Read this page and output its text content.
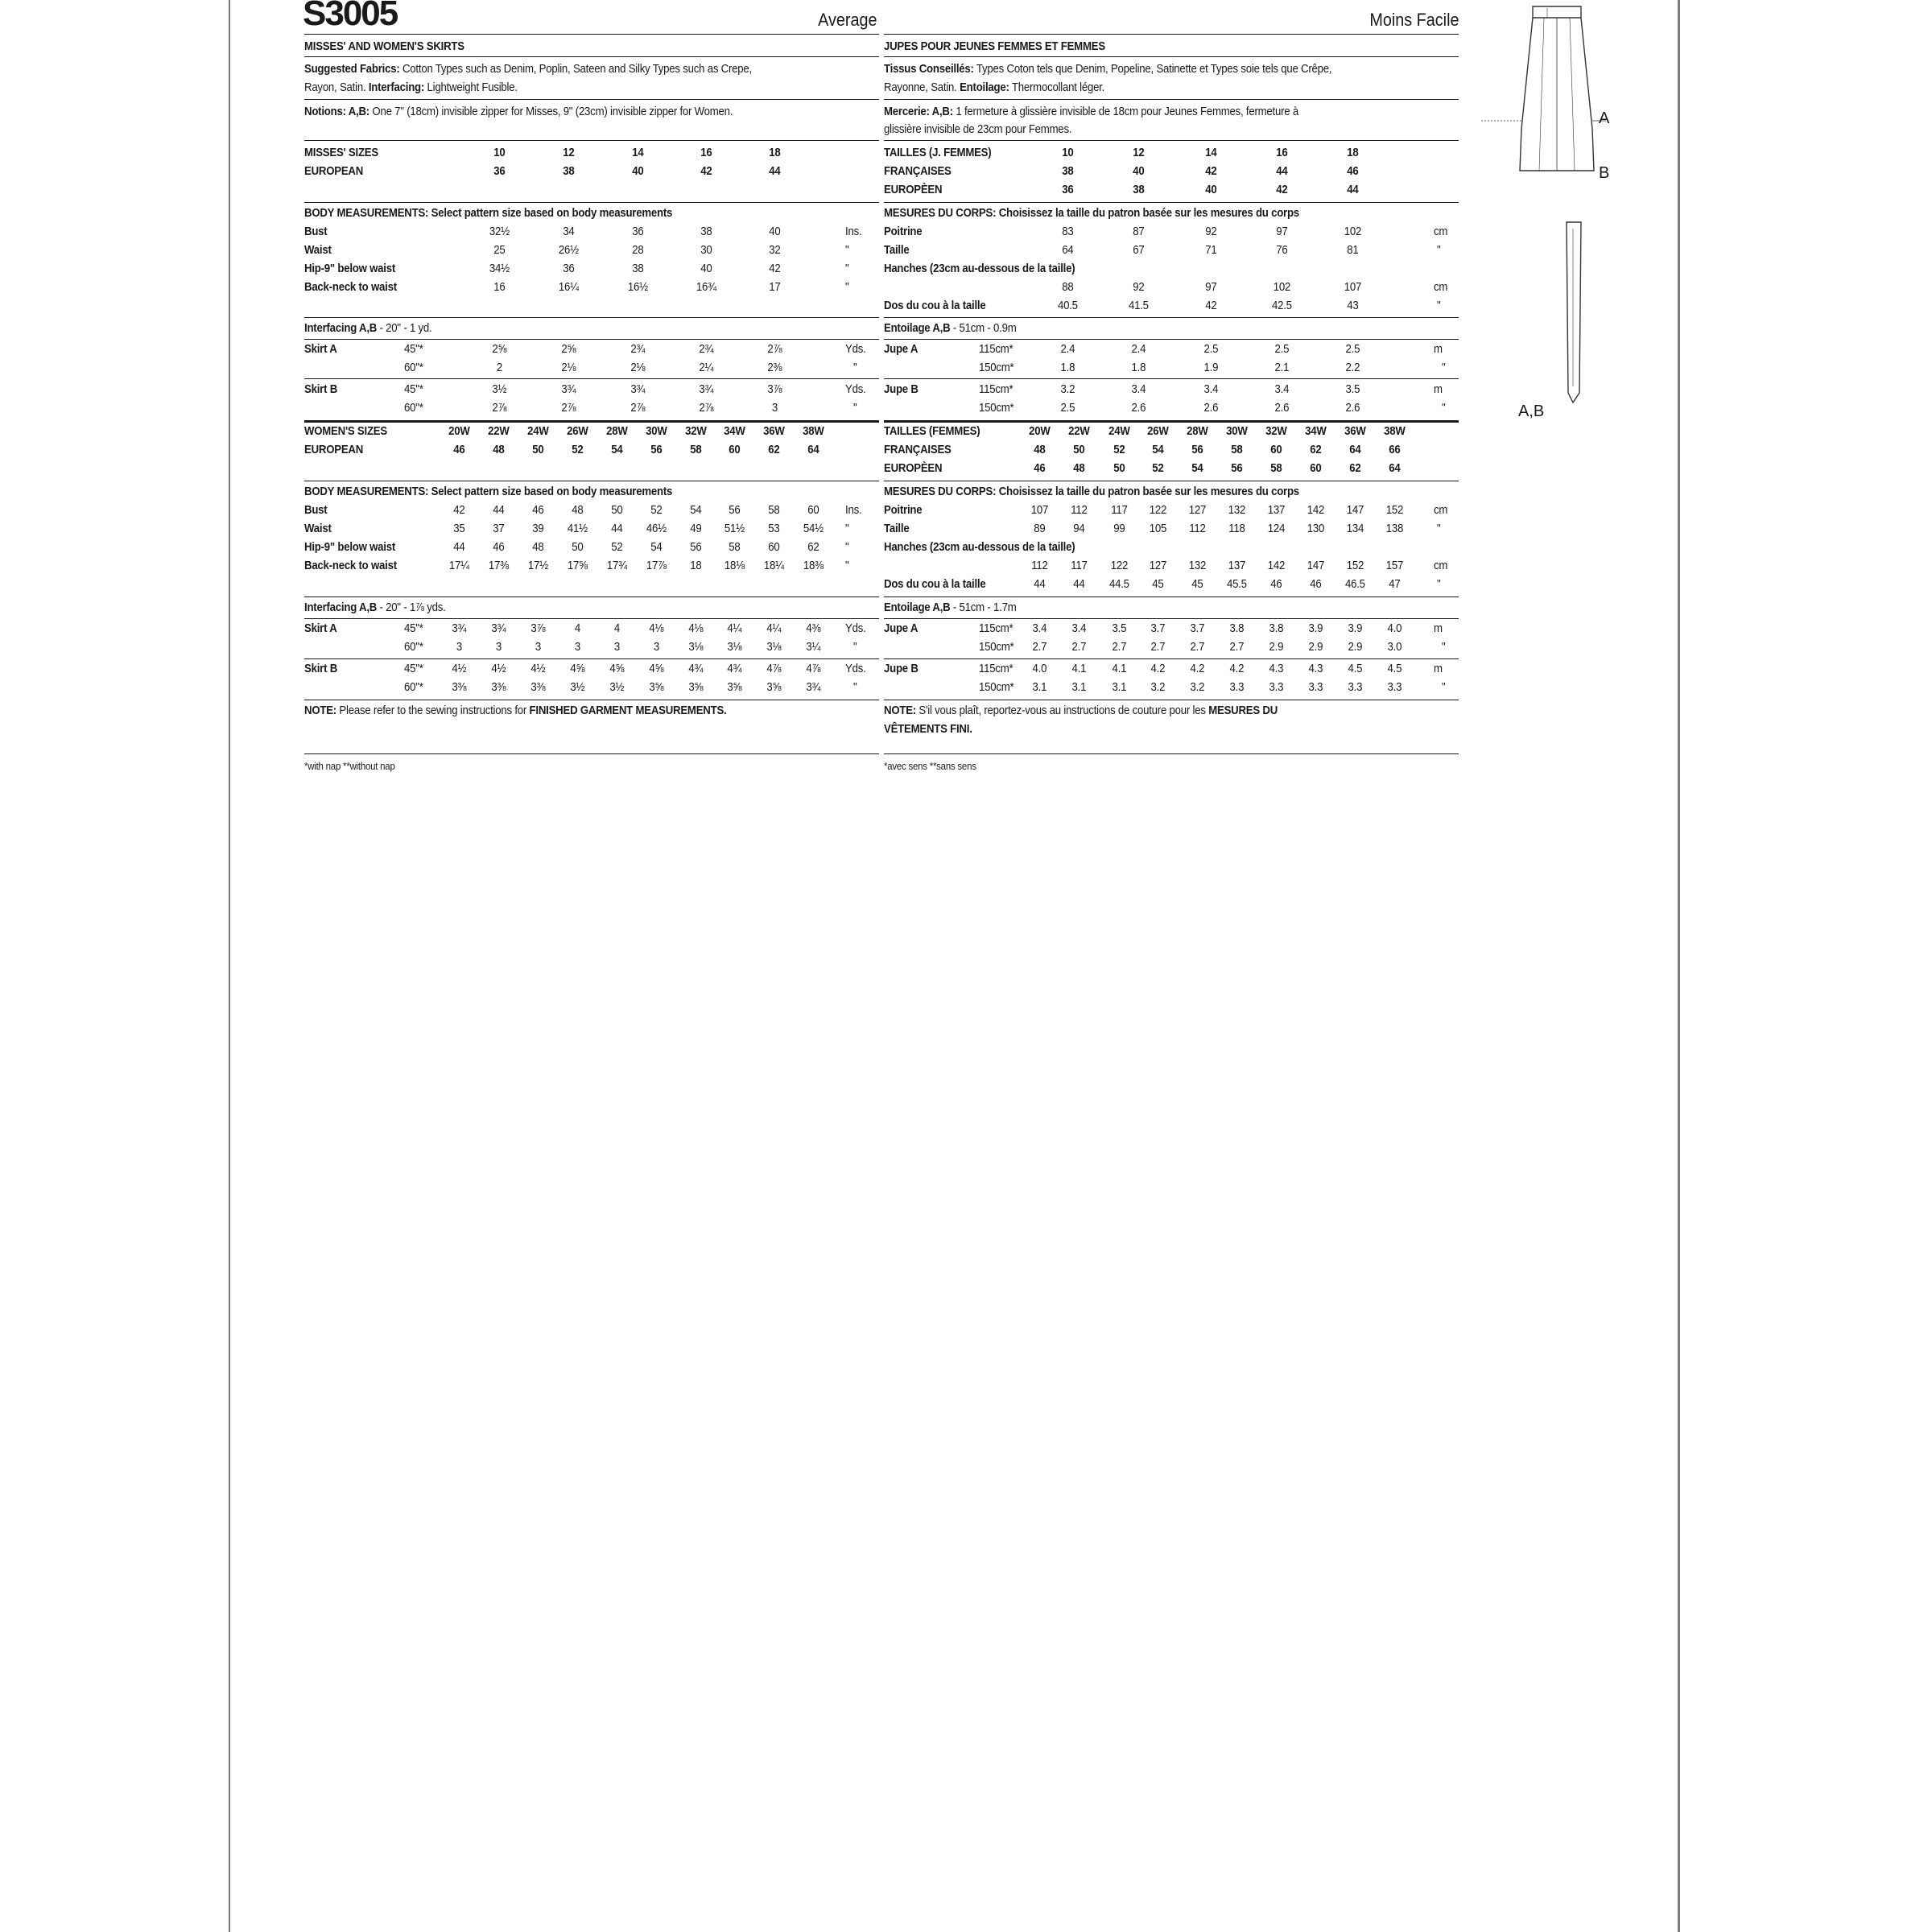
S3005	Average
MISSES' AND WOMEN'S SKIRTS
Suggested Fabrics: Cotton Types such as Denim, Poplin, Sateen and Silky Types such as Crepe,
Rayon, Satin. Interfacing: Lightweight Fusible.
Notions: A,B: One 7" (18cm) invisible zipper for Misses, 9" (23cm) invisible zipper for Women.
MISSES' SIZES	10	12	14	16	18
EUROPEAN	36	38	40	42	44
BODY MEASUREMENTS: Select pattern size based on body measurements
Bust	32½	34	36	38	40	Ins.
Waist	25	26½	28	30	32	"
Hip-9" below waist	34½	36	38	40	42	"
Back-neck to waist	16	16¼	16½	16¾	17	"
Interfacing A,B - 20" - 1 yd.
Skirt A	45"*	2⅝	2⅝	2¾	2¾	2⅞	Yds.
60"*	2	2⅛	2⅛	2¼	2⅜	"
Skirt B	45"*	3½	3¾	3¾	3¾	3⅞	Yds.
60"*	2⅞	2⅞	2⅞	2⅞	3	"
WOMEN'S SIZES	20W	22W	24W	26W	28W	30W	32W	34W	36W	38W
EUROPEAN	46	48	50	52	54	56	58	60	62	64
BODY MEASUREMENTS: Select pattern size based on body measurements
Bust	42	44	46	48	50	52	54	56	58	60	Ins.
Waist	35	37	39	41½	44	46½	49	51½	53	54½	"
Hip-9" below waist	44	46	48	50	52	54	56	58	60	62	"
Back-neck to waist	17¼	17⅜	17½	17⅝	17¾	17⅞	18	18⅛	18¼	18⅜	"
Interfacing A,B - 20" - 1⅞ yds.
Skirt A	45"*	3¾	3¾	3⅞	4	4	4⅛	4⅛	4¼	4¼	4⅜	Yds.
60"*	3	3	3	3	3	3	3⅛	3⅛	3⅛	3¼	"
Skirt B	45"*	4½	4½	4½	4⅝	4⅝	4⅝	4¾	4¾	4⅞	4⅞	Yds.
60"*	3⅜	3⅜	3⅜	3½	3½	3⅝	3⅝	3⅝	3⅝	3¾	"
NOTE: Please refer to the sewing instructions for FINISHED GARMENT MEASUREMENTS.
*with nap **without nap
Moins Facile
JUPES POUR JEUNES FEMMES ET FEMMES
Tissus Conseillés: Types Coton tels que Denim, Popeline, Satinette et Types soie tels que Crêpe,
Rayonne, Satin. Entoilage: Thermocollant léger.
Mercerie: A,B: 1 fermeture à glissière invisible de 18cm pour Jeunes Femmes, fermeture à
glissière invisible de 23cm pour Femmes.
TAILLES (J. FEMMES)	10	12	14	16	18
FRANÇAISES	38	40	42	44	46
EUROPÈEN	36	38	40	42	44
MESURES DU CORPS: Choisissez la taille du patron basée sur les mesures du corps
Poitrine	83	87	92	97	102	cm
Taille	64	67	71	76	81	"
Hanches (23cm au-dessous de la taille)
88	92	97	102	107	cm
Dos du cou à la taille	40.5	41.5	42	42.5	43	"
Entoilage A,B - 51cm - 0.9m
Jupe A	115cm*	2.4	2.4	2.5	2.5	2.5	m
150cm*	1.8	1.8	1.9	2.1	2.2	"
Jupe B	115cm*	3.2	3.4	3.4	3.4	3.5	m
150cm*	2.5	2.6	2.6	2.6	2.6	"
TAILLES (FEMMES)	20W	22W	24W	26W	28W	30W	32W	34W	36W	38W
FRANÇAISES	48	50	52	54	56	58	60	62	64	66
EUROPÈEN	46	48	50	52	54	56	58	60	62	64
MESURES DU CORPS: Choisissez la taille du patron basée sur les mesures du corps
Poitrine	107	112	117	122	127	132	137	142	147	152	cm
Taille	89	94	99	105	112	118	124	130	134	138	"
Hanches (23cm au-dessous de la taille)
112	117	122	127	132	137	142	147	152	157	cm
Dos du cou à la taille	44	44	44.5	45	45	45.5	46	46	46.5	47	"
Entoilage A,B - 51cm - 1.7m
Jupe A	115cm*	3.4	3.4	3.5	3.7	3.7	3.8	3.8	3.9	3.9	4.0	m
150cm*	2.7	2.7	2.7	2.7	2.7	2.7	2.9	2.9	2.9	3.0	"
Jupe B	115cm*	4.0	4.1	4.1	4.2	4.2	4.2	4.3	4.3	4.5	4.5	m
150cm*	3.1	3.1	3.1	3.2	3.2	3.3	3.3	3.3	3.3	3.3	"
NOTE: S'il vous plaît, reportez-vous au instructions de couture pour les MESURES DU
VÊTEMENTS FINI.
*avec sens **sans sens
A
B
A,B
